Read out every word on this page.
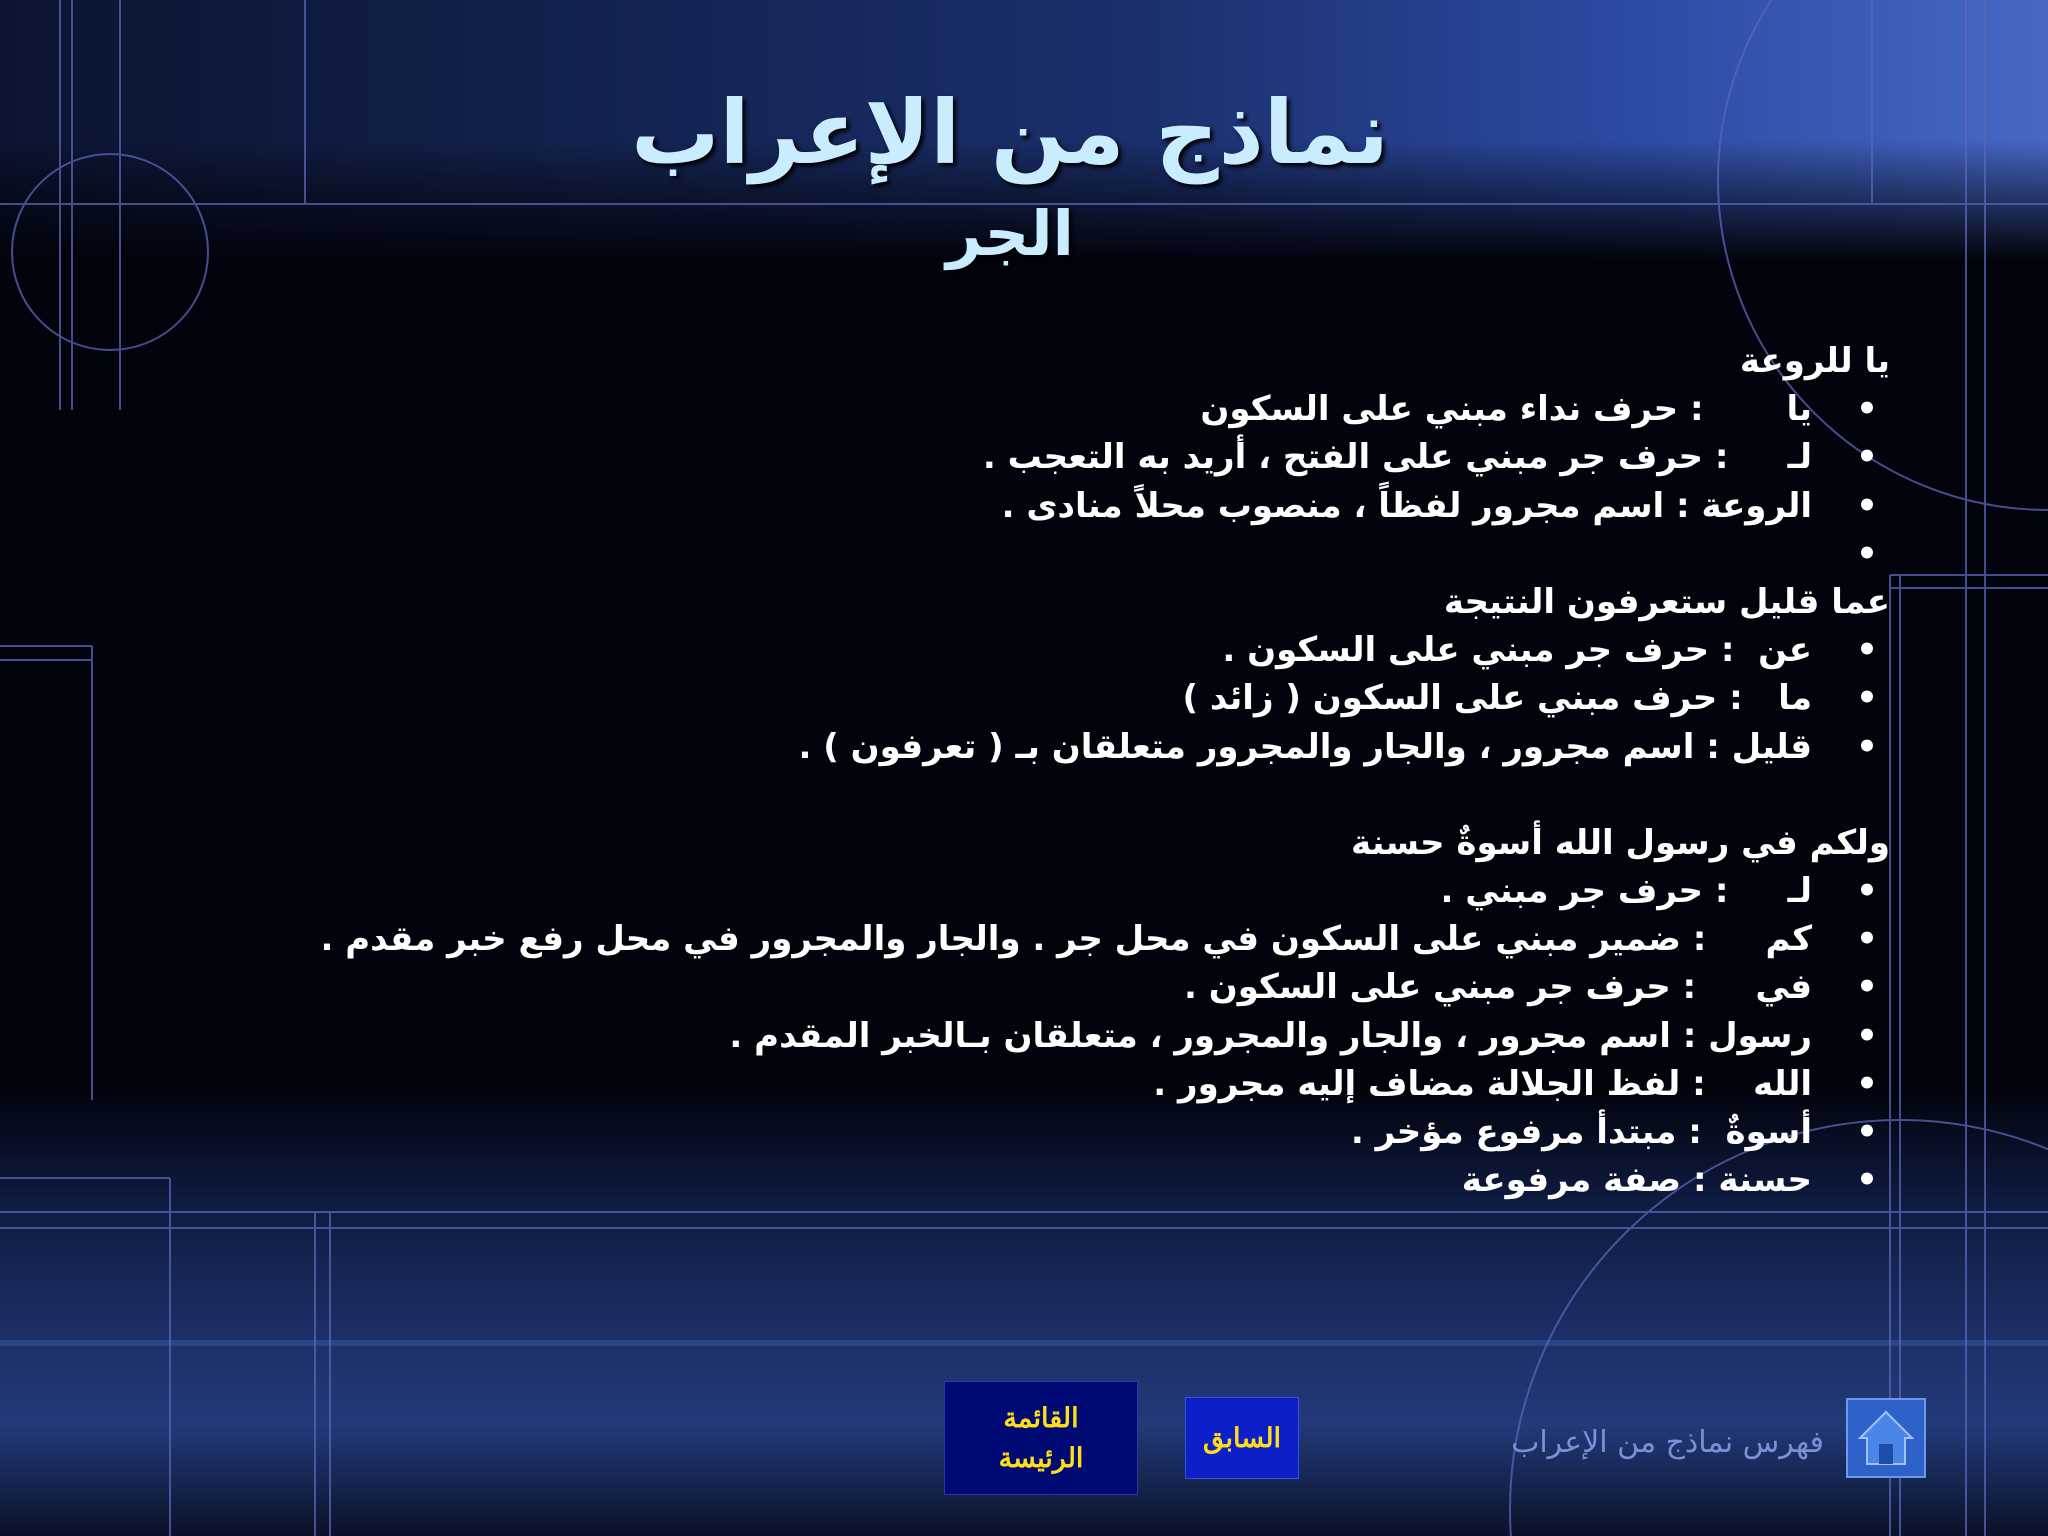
نماذج من الإعراب
الجر
يا للروعة
•
يا       : حرف نداء مبني على السكون
•
لـ     : حرف جر مبني على الفتح ، أريد به التعجب .
•
الروعة : اسم مجرور لفظاً ، منصوب محلاً منادى .
•
عما قليل ستعرفون النتيجة
•
عن  : حرف جر مبني على السكون .
•
ما   : حرف مبني على السكون ( زائد )
•
قليل : اسم مجرور ، والجار والمجرور متعلقان بـ ( تعرفون ) .
ولكم في رسول الله أسوةٌ حسنة
•
لـ     : حرف جر مبني .
•
كم     : ضمير مبني على السكون في محل جر . والجار والمجرور في محل رفع خبر مقدم .
•
في     : حرف جر مبني على السكون .
•
رسول : اسم مجرور ، والجار والمجرور ، متعلقان بـالخبر المقدم .
•
الله    : لفظ الجلالة مضاف إليه مجرور .
•
أسوةٌ  : مبتدأ مرفوع مؤخر .
•
حسنة : صفة مرفوعة
القائمة
الرئيسة
السابق	فهرس نماذج من الإعراب
